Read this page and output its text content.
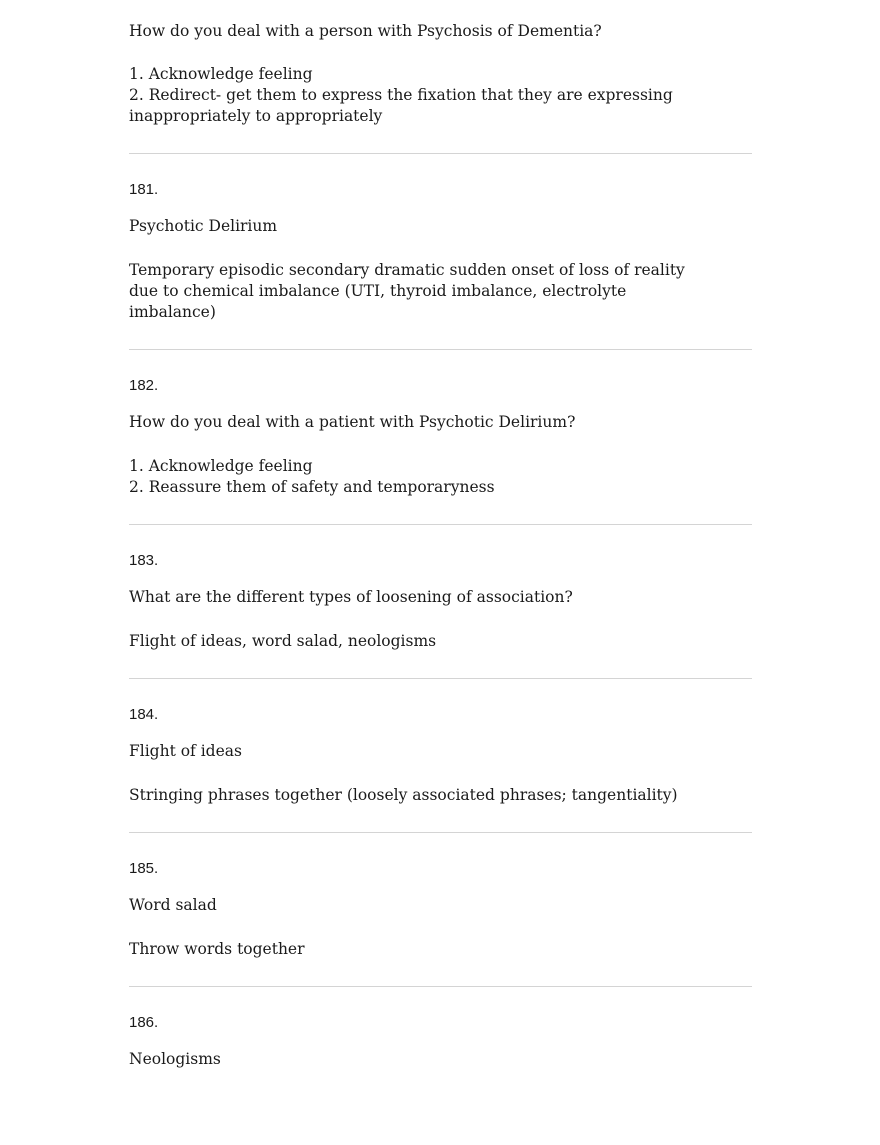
How do you deal with a person with Psychosis of Dementia?
1. Acknowledge feeling
2. Redirect- get them to express the fixation that they are expressing
inappropriately to appropriately
181.
Psychotic Delirium
Temporary episodic secondary dramatic sudden onset of loss of reality
due to chemical imbalance (UTI, thyroid imbalance, electrolyte
imbalance)
182.
How do you deal with a patient with Psychotic Delirium?
1. Acknowledge feeling
2. Reassure them of safety and temporaryness
183.
What are the different types of loosening of association?
Flight of ideas, word salad, neologisms
184.
Flight of ideas
Stringing phrases together (loosely associated phrases; tangentiality)
185.
Word salad
Throw words together
186.
Neologisms
